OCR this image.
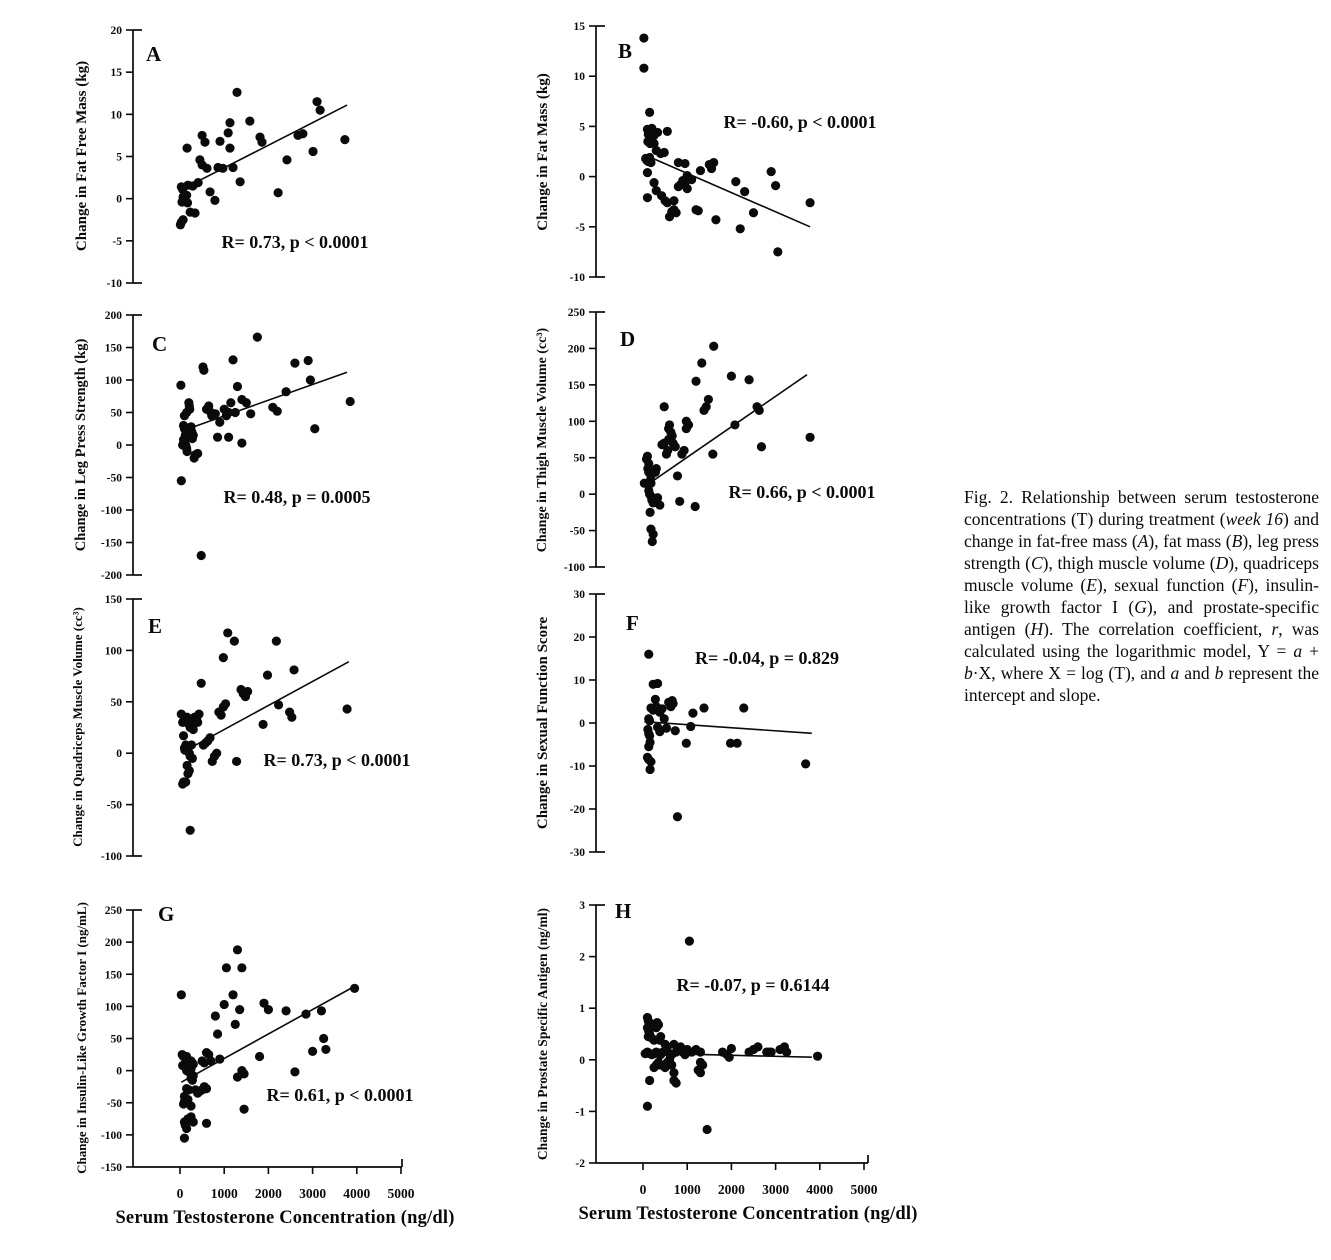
20
15
10
5
0
-5
-10
Change in Fat Free Mass (kg)
A
R= 0.73, p < 0.0001
15
10
5
0
-5
-10
Change in Fat Mass (kg)
B
R= -0.60, p < 0.0001
200
150
100
50
0
-50
-100
-150
-200
Change in Leg Press Strength (kg)	C
R= 0.48, p = 0.0005
250
200
150
100
50
0
-50
-100
Change in Thigh Muscle Volume (cc³)	D
R= 0.66, p < 0.0001
150
100
50
0
-50
-100
Change in Quadriceps Muscle Volume (cc³)	E
R= 0.73, p < 0.0001
30
20
10
0
-10
-20
-30
Change in Sexual Function Score	F
R= -0.04, p = 0.829
250
200
150
100
50
0
-50
-100
-150
Change in Insulin-Like Growth Factor I (ng/mL)	G
R= 0.61, p < 0.0001
0 1000 2000 3000 4000 5000
3
2
1
0
-1
-2
Change in Prostate Specific Antigen (ng/ml)	H
R= -0.07, p = 0.6144
0 1000 2000 3000 4000 5000
Serum Testosterone Concentration (ng/dl)	Serum Testosterone Concentration (ng/dl)
Fig. 2. Relationship between serum testosterone concentrations (T) during treatment (week 16) and change in fat-free mass (A), fat mass (B), leg press strength (C), thigh muscle volume (D), quadriceps muscle volume (E), sexual function (F), insulin-like growth factor I (G), and prostate-specific antigen (H). The correlation coefficient, r, was calculated using the logarithmic model, Y = a + b·X, where X = log (T), and a and b represent the intercept and slope.
